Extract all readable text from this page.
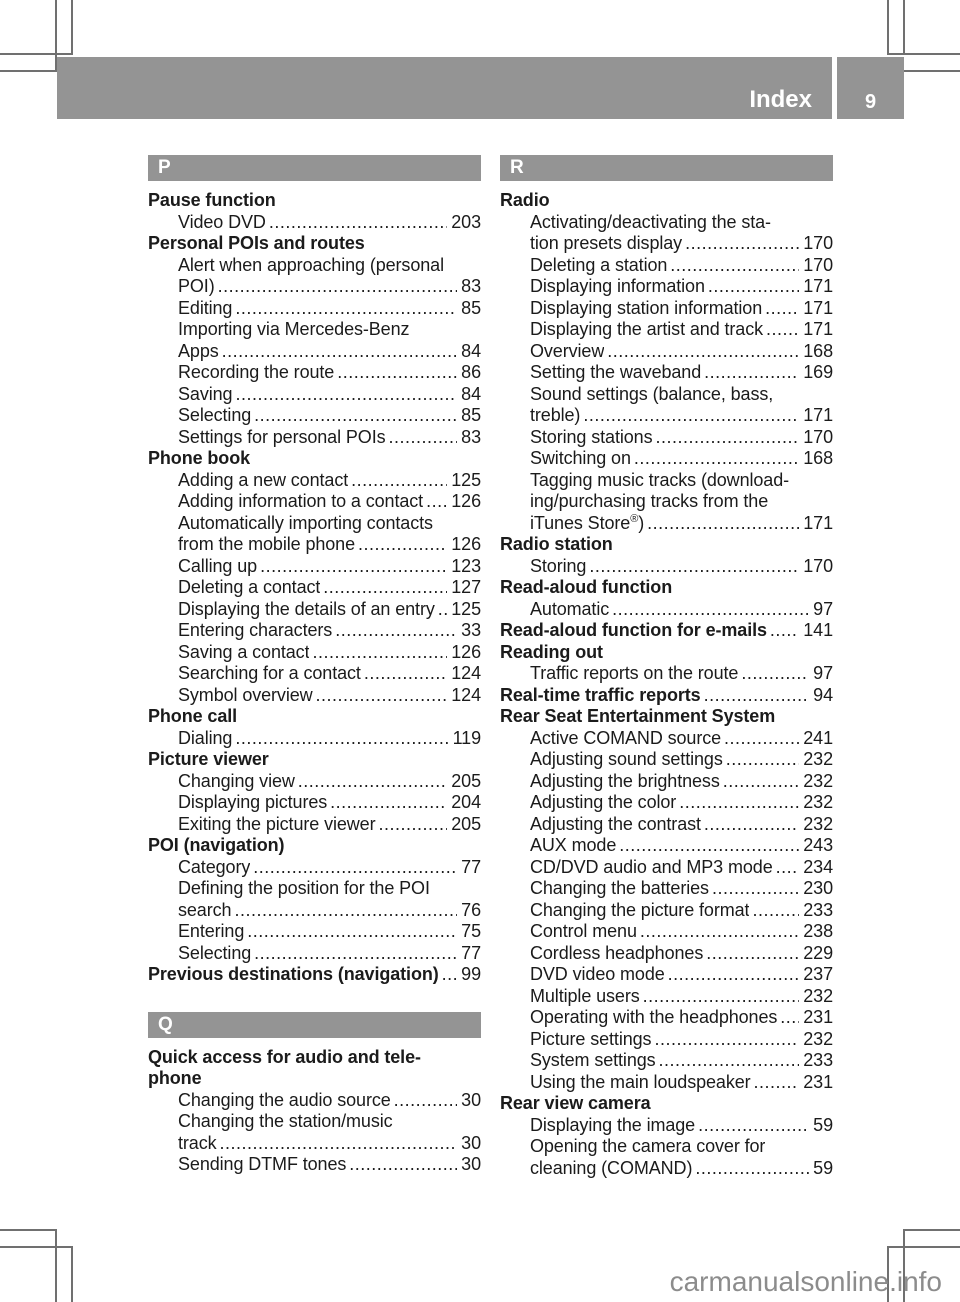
Index	9
P
Pause function
Video DVD .....	203
Personal POIs and routes
Alert when approaching (personal
POI) .....	83
Editing .....	85
Importing via Mercedes-Benz
Apps .....	84
Recording the route .....	86
Saving .....	84
Selecting .....	85
Settings for personal POIs .....	83
Phone book
Adding a new contact .....	125
Adding information to a contact ..... 126
Automatically importing contacts
from the mobile phone .....	126
Calling up .....	123
Deleting a contact .....	127
Displaying the details of an entry ..... 125
Entering characters .....	33
Saving a contact .....	126
Searching for a contact .....	124
Symbol overview .....	124
Phone call
Dialing .....	119
Picture viewer
Changing view .....	205
Displaying pictures .....	204
Exiting the picture viewer .....	205
POI (navigation)
Category .....	77
Defining the position for the POI
search .....	76
Entering .....	75
Selecting .....	77
Previous destinations (navigation) ..... 99
Q
Quick access for audio and tele-
phone
Changing the audio source .....	30
Changing the station/music
track .....	30
Sending DTMF tones .....	30
R
Radio
Activating/deactivating the sta-
tion presets display .....	170
Deleting a station .....	170
Displaying information .....	171
Displaying station information ..... 171
Displaying the artist and track ..... 171
Overview .....	168
Setting the waveband .....	169
Sound settings (balance, bass,
treble) .....	171
Storing stations .....	170
Switching on .....	168
Tagging music tracks (download-
ing/purchasing tracks from the
iTunes Store®) .....	171
Radio station
Storing .....	170
Read-aloud function
Automatic .....	97
Read-aloud function for e-mails ..... 141
Reading out
Traffic reports on the route .....	97
Real-time traffic reports .....	94
Rear Seat Entertainment System
Active COMAND source .....	241
Adjusting sound settings .....	232
Adjusting the brightness .....	232
Adjusting the color .....	232
Adjusting the contrast .....	232
AUX mode .....	243
CD/DVD audio and MP3 mode ..... 234
Changing the batteries .....	230
Changing the picture format .....	233
Control menu .....	238
Cordless headphones .....	229
DVD video mode .....	237
Multiple users .....	232
Operating with the headphones ..... 231
Picture settings .....	232
System settings .....	233
Using the main loudspeaker .....	231
Rear view camera
Displaying the image .....	59
Opening the camera cover for
cleaning (COMAND) .....	59
carmanualsonline.info
